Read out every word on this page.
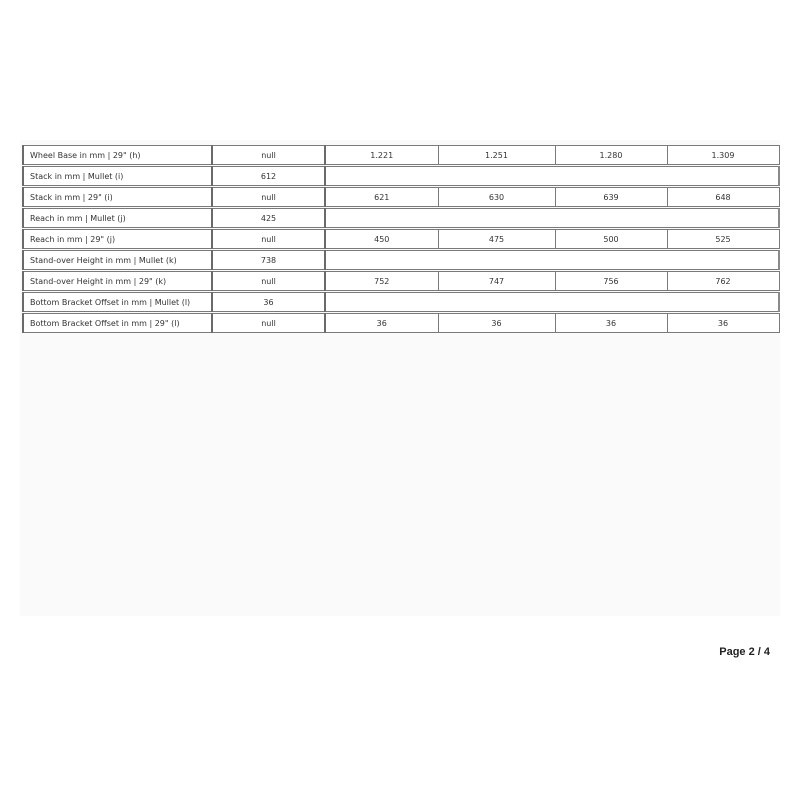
Wheel Base in mm | 29" (h)	null	1.221	1.251	1.280	1.309

Stack in mm | Mullet (i)	612				

Stack in mm | 29" (i)	null	621	630	639	648

Reach in mm | Mullet (j)	425				

Reach in mm | 29" (j)	null	450	475	500	525

Stand-over Height in mm | Mullet (k)	738				

Stand-over Height in mm | 29" (k)	null	752	747	756	762

Bottom Bracket Offset in mm | Mullet (l)	36				

Bottom Bracket Offset in mm | 29" (l)	null	36	36	36	36
Page 2 / 4
